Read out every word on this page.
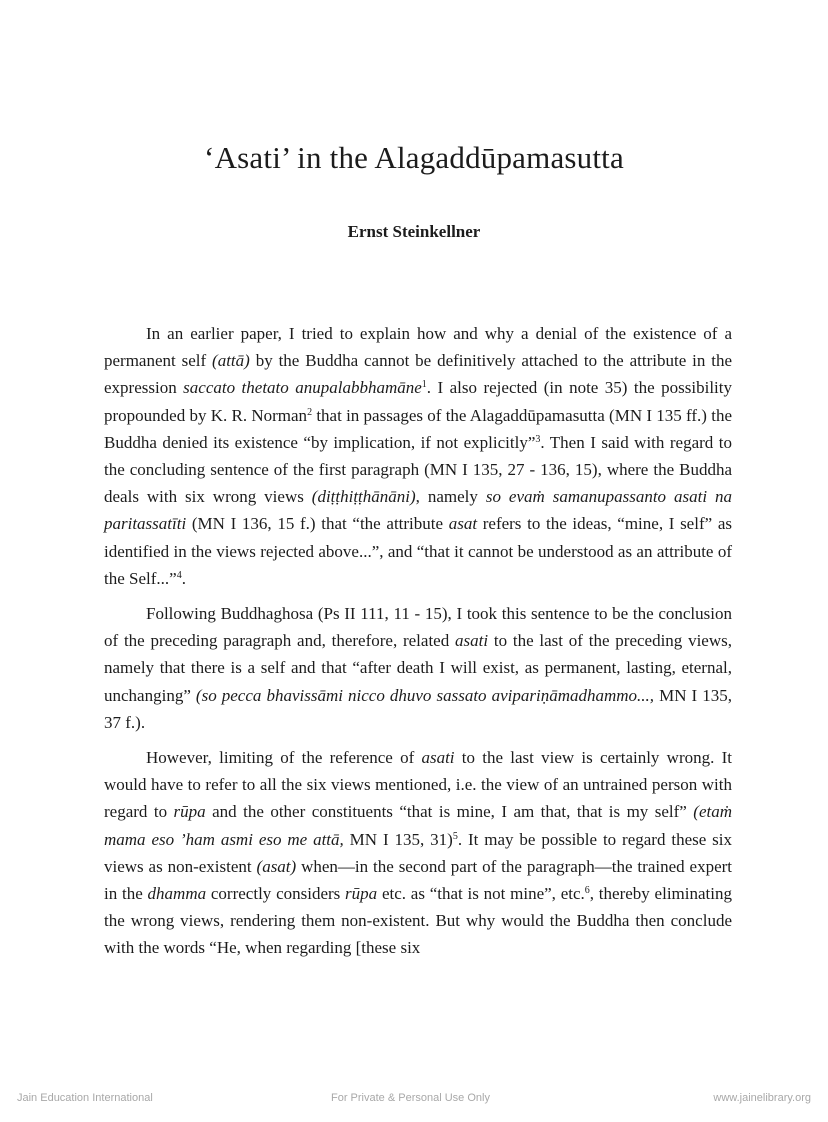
‘Asati’ in the Alagaddūpamasutta
Ernst Steinkellner

In an earlier paper, I tried to explain how and why a denial of the existence of a permanent self (attā) by the Buddha cannot be definitively attached to the attribute in the expression saccato thetato anupalabbhamāne$^1$. I also rejected (in note 35) the possibility propounded by K. R. Norman$^2$ that in passages of the Alagaddūpamasutta (MN I 135 ff.) the Buddha denied its existence “by implication, if not explicitly”$^3$. Then I said with regard to the concluding sentence of the first paragraph (MN I 135, 27 - 136, 15), where the Buddha deals with six wrong views (diṭṭhiṭṭhānāni), namely so evaṁ samanupassanto asati na paritassatīti (MN I 136, 15 f.) that “the attribute asat refers to the ideas, “mine, I self” as identified in the views rejected above...”, and “that it cannot be understood as an attribute of the Self...”$^4$.

Following Buddhaghosa (Ps II 111, 11 - 15), I took this sentence to be the conclusion of the preceding paragraph and, therefore, related asati to the last of the preceding views, namely that there is a self and that “after death I will exist, as permanent, lasting, eternal, unchanging” (so pecca bhavissāmi nicco dhuvo sassato avipariṇāmadhammo..., MN I 135, 37 f.).

However, limiting of the reference of asati to the last view is certainly wrong. It would have to refer to all the six views mentioned, i.e. the view of an untrained person with regard to rūpa and the other constituents “that is mine, I am that, that is my self” (etaṁ mama eso ’ham asmi eso me attā, MN I 135, 31)$^5$. It may be possible to regard these six views as non-existent (asat) when—in the second part of the paragraph—the trained expert in the dhamma correctly considers rūpa etc. as “that is not mine”, etc.$^6$, thereby eliminating the wrong views, rendering them non-existent. But why would the Buddha then conclude with the words “He, when regarding [these six

Jain Education International	For Private & Personal Use Only	www.jainelibrary.org
